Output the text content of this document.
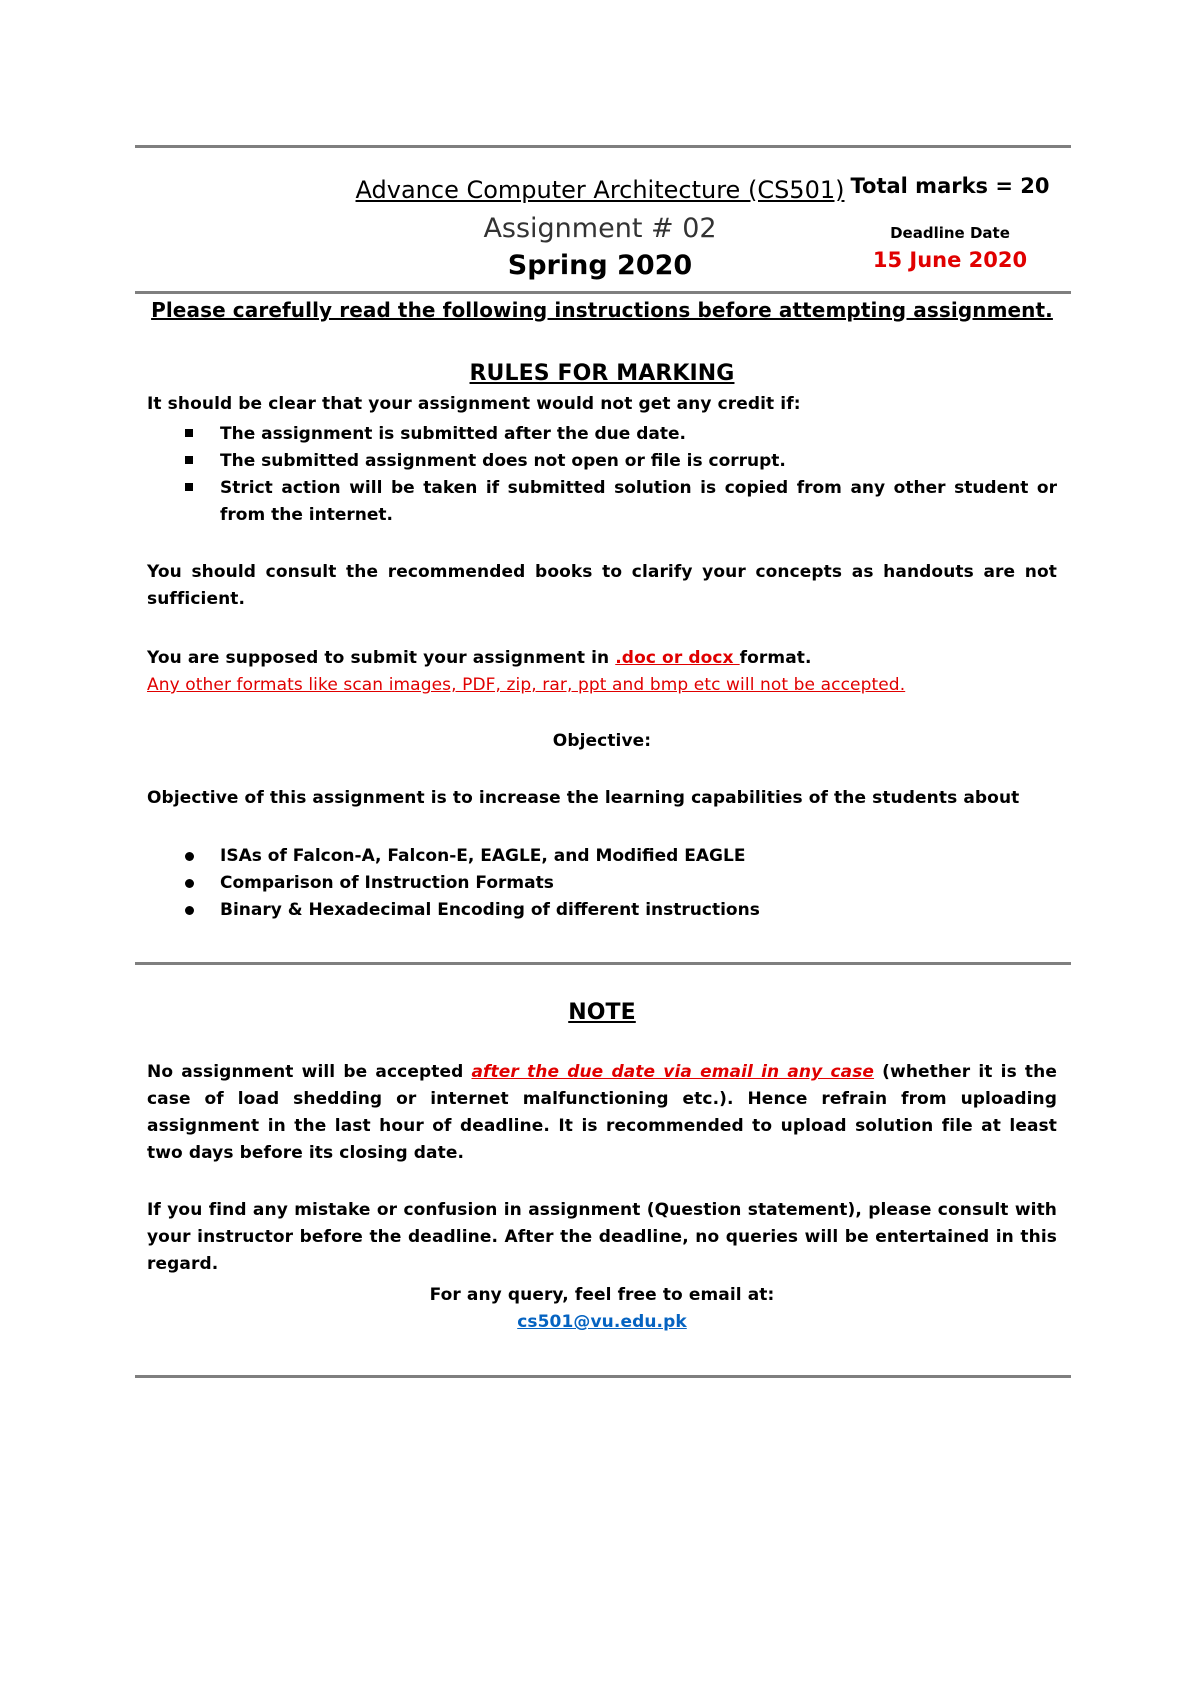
Advance Computer Architecture (CS501)
Assignment # 02
Spring 2020
Total marks = 20
Deadline Date
15 June 2020
Please carefully read the following instructions before attempting assignment.
RULES FOR MARKING
It should be clear that your assignment would not get any credit if:
The assignment is submitted after the due date.
The submitted assignment does not open or file is corrupt.
Strict action will be taken if submitted solution is copied from any other student or from the internet.
You should consult the recommended books to clarify your concepts as handouts are not sufficient.
You are supposed to submit your assignment in .doc or docx format.
Any other formats like scan images, PDF, zip, rar, ppt and bmp etc will not be accepted.
Objective:
Objective of this assignment is to increase the learning capabilities of the students about
ISAs of Falcon-A, Falcon-E, EAGLE, and Modified EAGLE
Comparison of Instruction Formats
Binary & Hexadecimal Encoding of different instructions
NOTE
No assignment will be accepted after the due date via email in any case (whether it is the case of load shedding or internet malfunctioning etc.). Hence refrain from uploading assignment in the last hour of deadline. It is recommended to upload solution file at least two days before its closing date.
If you find any mistake or confusion in assignment (Question statement), please consult with your instructor before the deadline. After the deadline, no queries will be entertained in this regard.
For any query, feel free to email at:
cs501@vu.edu.pk
